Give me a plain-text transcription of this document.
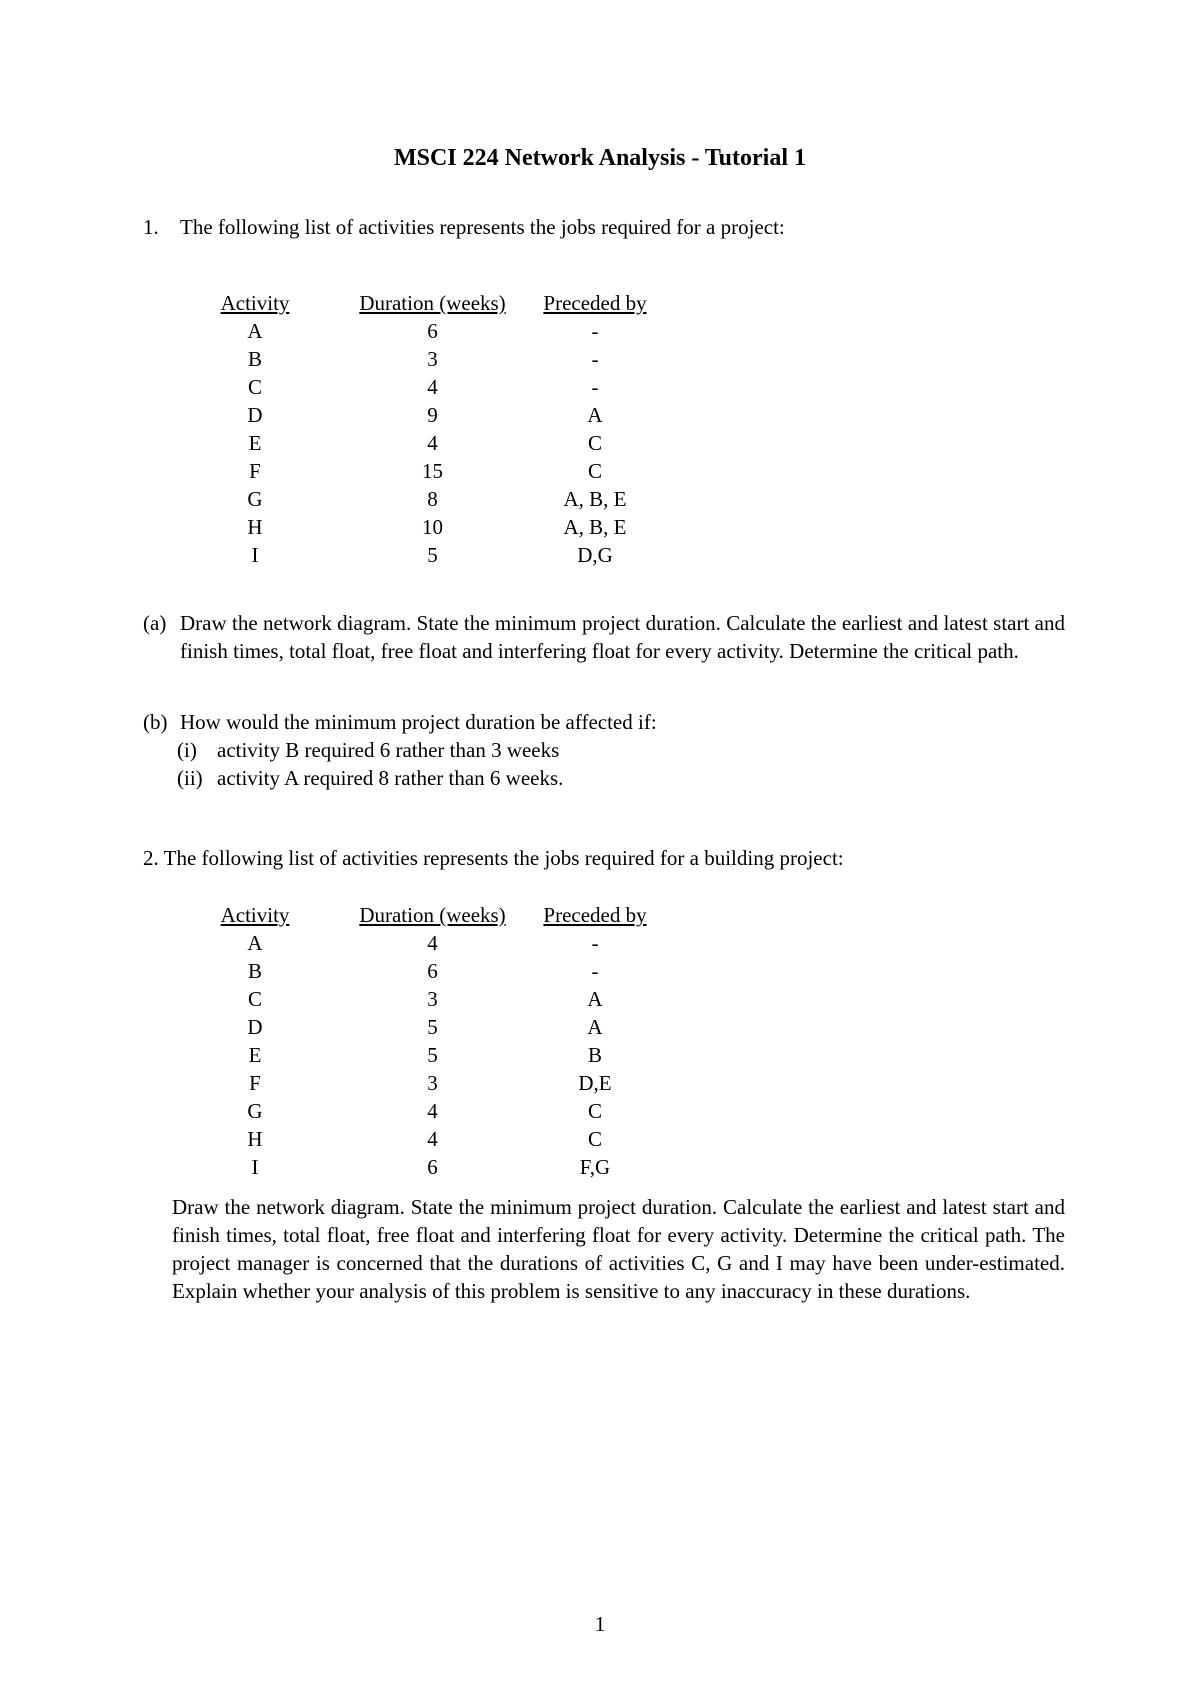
MSCI 224 Network Analysis - Tutorial 1
1. The following list of activities represents the jobs required for a project:
Activity	Duration (weeks)	Preceded by
A	6	-
B	3	-
C	4	-
D	9	A
E	4	C
F	15	C
G	8	A, B, E
H	10	A, B, E
I	5	D,G
(a) Draw the network diagram. State the minimum project duration. Calculate the earliest and latest start and finish times, total float, free float and interfering float for every activity. Determine the critical path.
(b) How would the minimum project duration be affected if:
(i) activity B required 6 rather than 3 weeks
(ii) activity A required 8 rather than 6 weeks.
2. The following list of activities represents the jobs required for a building project:
Activity	Duration (weeks)	Preceded by
A	4	-
B	6	-
C	3	A
D	5	A
E	5	B
F	3	D,E
G	4	C
H	4	C
I	6	F,G
Draw the network diagram. State the minimum project duration. Calculate the earliest and latest start and finish times, total float, free float and interfering float for every activity. Determine the critical path. The project manager is concerned that the durations of activities C, G and I may have been under-estimated. Explain whether your analysis of this problem is sensitive to any inaccuracy in these durations.
1
